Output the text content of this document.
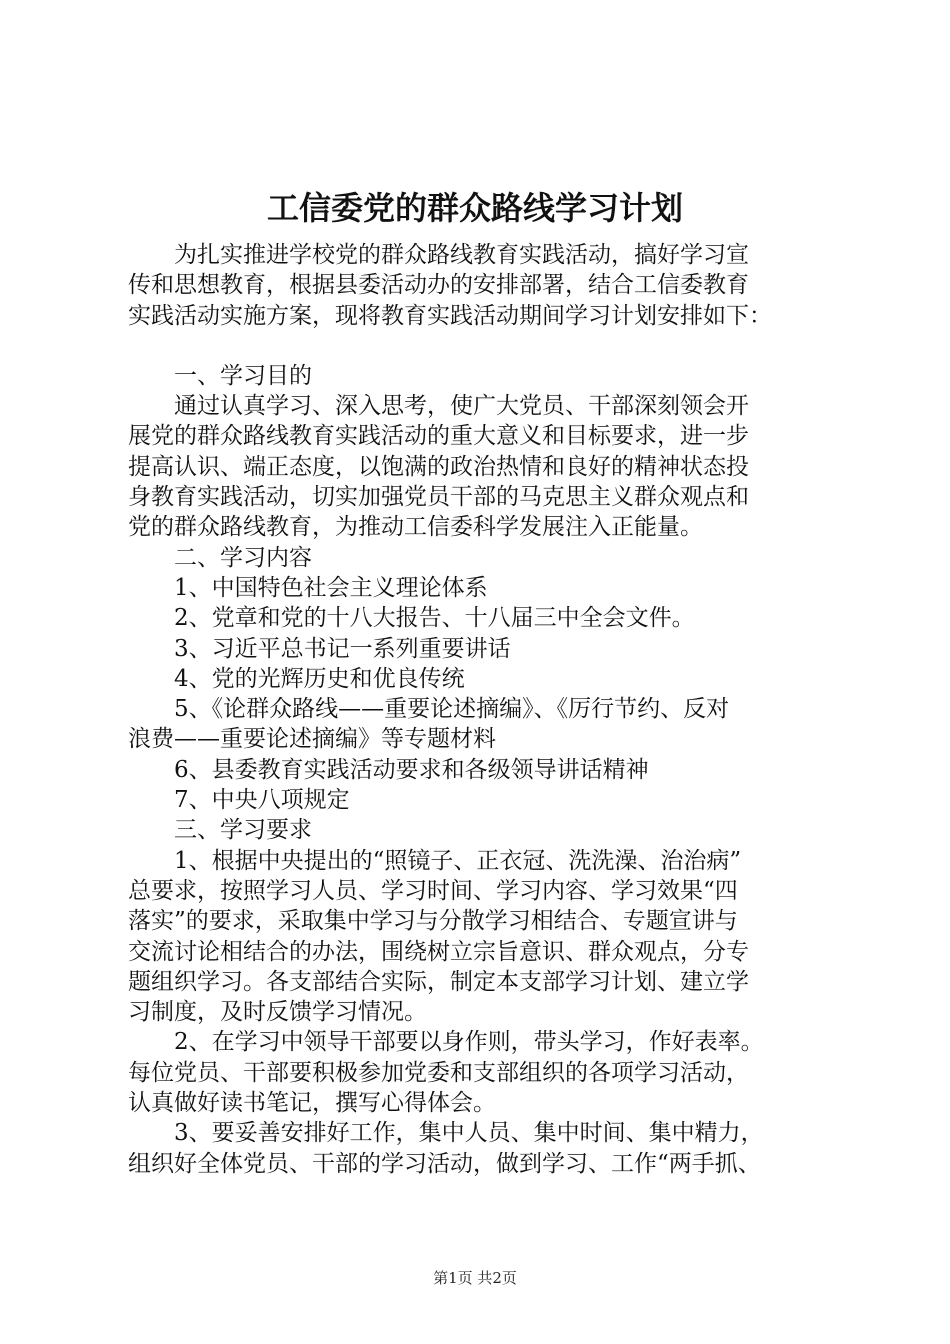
工信委党的群众路线学习计划

　　为扎实推进学校党的群众路线教育实践活动，搞好学习宣

传和思想教育，根据县委活动办的安排部署，结合工信委教育

实践活动实施方案，现将教育实践活动期间学习计划安排如下：

　　一、学习目的

　　通过认真学习、深入思考，使广大党员、干部深刻领会开

展党的群众路线教育实践活动的重大意义和目标要求，进一步

提高认识、端正态度，以饱满的政治热情和良好的精神状态投

身教育实践活动，切实加强党员干部的马克思主义群众观点和

党的群众路线教育，为推动工信委科学发展注入正能量。

　　二、学习内容

　　1、中国特色社会主义理论体系

　　2、党章和党的十八大报告、十八届三中全会文件。

　　3、习近平总书记一系列重要讲话

　　4、党的光辉历史和优良传统

　　5、《论群众路线——重要论述摘编》、《厉行节约、反对

浪费——重要论述摘编》等专题材料

　　6、县委教育实践活动要求和各级领导讲话精神

　　7、中央八项规定

　　三、学习要求

　　1、根据中央提出的“照镜子、正衣冠、洗洗澡、治治病”

总要求，按照学习人员、学习时间、学习内容、学习效果“四

落实”的要求，采取集中学习与分散学习相结合、专题宣讲与

交流讨论相结合的办法，围绕树立宗旨意识、群众观点，分专

题组织学习。各支部结合实际，制定本支部学习计划、建立学

习制度，及时反馈学习情况。

　　2、在学习中领导干部要以身作则，带头学习，作好表率。

每位党员、干部要积极参加党委和支部组织的各项学习活动，

认真做好读书笔记，撰写心得体会。

　　3、要妥善安排好工作，集中人员、集中时间、集中精力，

组织好全体党员、干部的学习活动，做到学习、工作“两手抓、

第1页 共2页
